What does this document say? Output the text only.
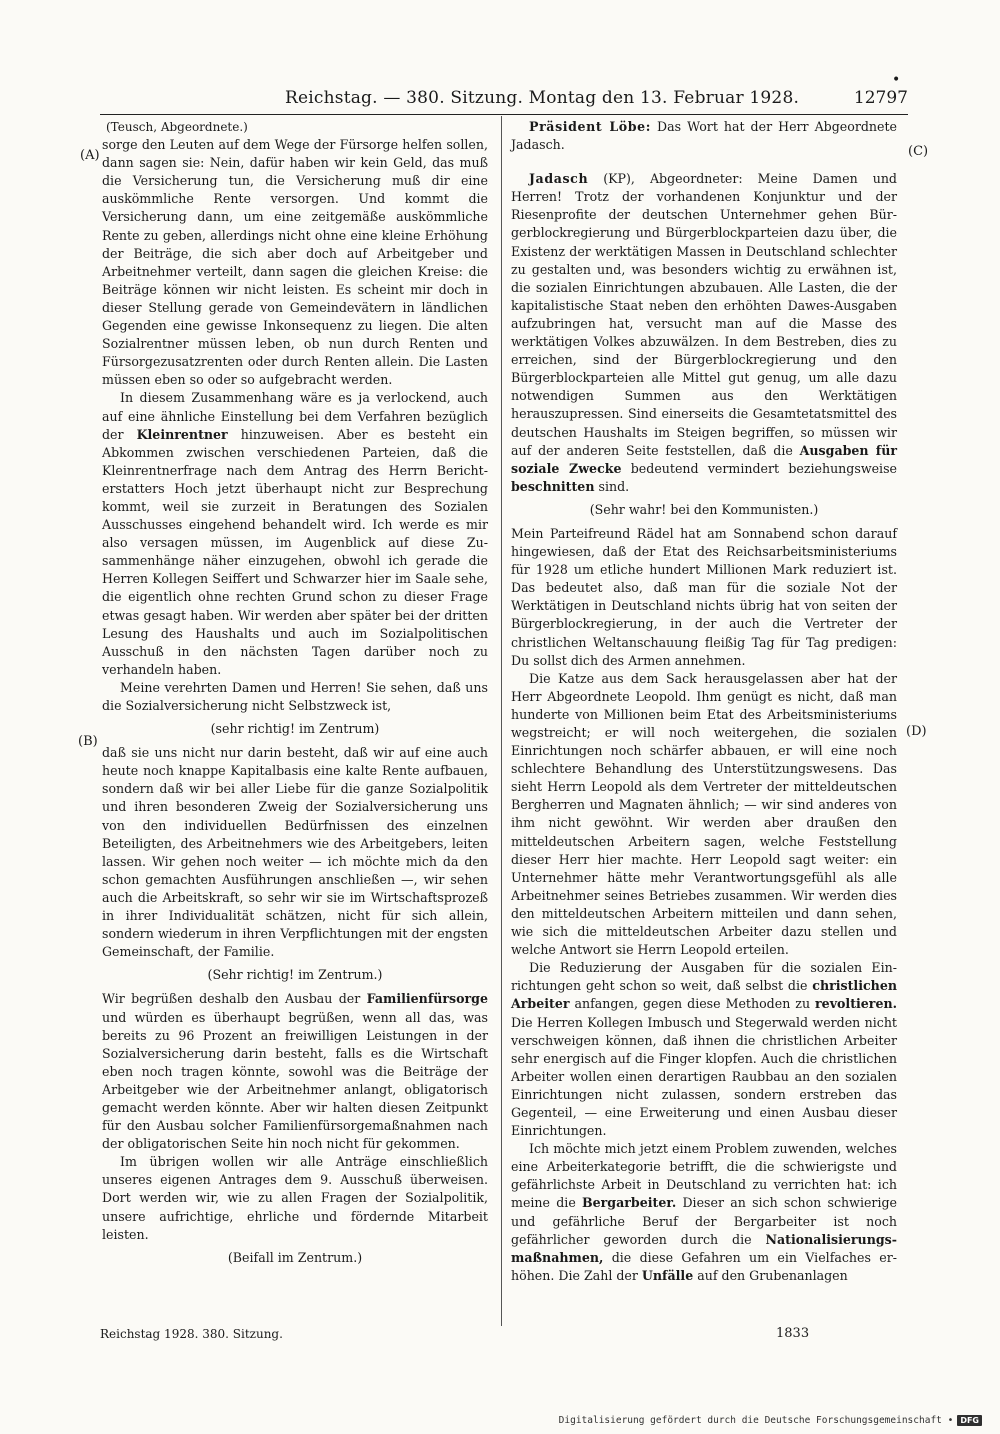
•
Reichstag. — 380. Sitzung. Montag den 13. Februar 1928.	12797
(A)
(B)
(C)
(D)
(Teusch, Abgeordnete.)

sorge den Leuten auf dem Wege der Fürsorge helfen sollen, dann sagen sie: Nein, dafür haben wir kein Geld, das muß die Versicherung tun, die Versicherung muß dir eine auskömmliche Rente versorgen. Und kommt die Versicherung dann, um eine zeitgemäße auskömmliche Rente zu geben, allerdings nicht ohne eine kleine Erhöhung der Beiträge, die sich aber doch auf Arbeitgeber und Arbeitnehmer verteilt, dann sagen die gleichen Kreise: die Beiträge können wir nicht leisten. Es scheint mir doch in dieser Stellung gerade von Gemeindevätern in ländlichen Gegenden eine gewisse Inkonsequenz zu liegen. Die alten Sozialrentner müssen leben, ob nun durch Renten und Fürsorgezusatzrenten oder durch Renten allein. Die Lasten müssen eben so oder so aufgebracht werden.

In diesem Zusammenhang wäre es ja verlockend, auch auf eine ähnliche Einstellung bei dem Verfahren bezüglich der Kleinrentner hinzuweisen. Aber es besteht ein Abkommen zwischen verschiedenen Parteien, daß die Kleinrentnerfrage nach dem Antrag des Herrn Berichterstatters Hoch jetzt überhaupt nicht zur Besprechung kommt, weil sie zurzeit in Beratungen des Sozialen Ausschusses eingehend behandelt wird. Ich werde es mir also versagen müssen, im Augenblick auf diese Zusammenhänge näher einzugehen, obwohl ich gerade die Herren Kollegen Seiffert und Schwarzer hier im Saale sehe, die eigentlich ohne rechten Grund schon zu dieser Frage etwas gesagt haben. Wir werden aber später bei der dritten Lesung des Haushalts und auch im Sozialpolitischen Ausschuß in den nächsten Tagen darüber noch zu verhandeln haben.

Meine verehrten Damen und Herren! Sie sehen, daß uns die Sozialversicherung nicht Selbstzweck ist,

(sehr richtig! im Zentrum)

daß sie uns nicht nur darin besteht, daß wir auf eine auch heute noch knappe Kapitalbasis eine kalte Rente aufbauen, sondern daß wir bei aller Liebe für die ganze Sozialpolitik und ihren besonderen Zweig der Sozialversicherung uns von den individuellen Bedürfnissen des einzelnen Beteiligten, des Arbeitnehmers wie des Arbeitgebers, leiten lassen. Wir gehen noch weiter — ich möchte mich da den schon gemachten Ausführungen anschließen —, wir sehen auch die Arbeitskraft, so sehr wir sie im Wirtschaftsprozeß in ihrer Individualität schätzen, nicht für sich allein, sondern wiederum in ihren Verpflichtungen mit der engsten Gemeinschaft, der Familie.

(Sehr richtig! im Zentrum.)

Wir begrüßen deshalb den Ausbau der Familienfürsorge und würden es überhaupt begrüßen, wenn all das, was bereits zu 96 Prozent an freiwilligen Leistungen in der Sozialversicherung darin besteht, falls es die Wirtschaft eben noch tragen könnte, sowohl was die Beiträge der Arbeitgeber wie der Arbeitnehmer anlangt, obligatorisch gemacht werden könnte. Aber wir halten diesen Zeitpunkt für den Ausbau solcher Familienfürsorgemaßnahmen nach der obligatorischen Seite hin noch nicht für gekommen.

Im übrigen wollen wir alle Anträge einschließlich unseres eigenen Antrages dem 9. Ausschuß überweisen. Dort werden wir, wie zu allen Fragen der Sozialpolitik, unsere aufrichtige, ehrliche und fördernde Mitarbeit leisten.

(Beifall im Zentrum.)

Präsident Löbe: Das Wort hat der Herr Abgeordnete Jadasch.

Jadasch (KP), Abgeordneter: Meine Damen und Herren! Trotz der vorhandenen Konjunktur und der Riesenprofite der deutschen Unternehmer gehen Bürgerblockregierung und Bürgerblockparteien dazu über, die Existenz der werktätigen Massen in Deutschland schlechter zu gestalten und, was besonders wichtig zu erwähnen ist, die sozialen Einrichtungen abzubauen. Alle Lasten, die der kapitalistische Staat neben den erhöhten Dawes-Ausgaben aufzubringen hat, versucht man auf die Masse des werktätigen Volkes abzuwälzen. In dem Bestreben, dies zu erreichen, sind der Bürgerblockregierung und den Bürgerblockparteien alle Mittel gut genug, um alle dazu notwendigen Summen aus den Werktätigen herauszupressen. Sind einerseits die Gesamtetatsmittel des deutschen Haushalts im Steigen begriffen, so müssen wir auf der anderen Seite feststellen, daß die Ausgaben für soziale Zwecke bedeutend vermindert beziehungsweise beschnitten sind.

(Sehr wahr! bei den Kommunisten.)

Mein Parteifreund Rädel hat am Sonnabend schon darauf hingewiesen, daß der Etat des Reichsarbeitsministeriums für 1928 um etliche hundert Millionen Mark reduziert ist. Das bedeutet also, daß man für die soziale Not der Werktätigen in Deutschland nichts übrig hat von seiten der Bürgerblockregierung, in der auch die Vertreter der christlichen Weltanschauung fleißig Tag für Tag predigen: Du sollst dich des Armen annehmen.

Die Katze aus dem Sack herausgelassen aber hat der Herr Abgeordnete Leopold. Ihm genügt es nicht, daß man hunderte von Millionen beim Etat des Arbeitsministeriums wegstreicht; er will noch weitergehen, die sozialen Einrichtungen noch schärfer abbauen, er will eine noch schlechtere Behandlung des Unterstützungswesens. Das sieht Herrn Leopold als dem Vertreter der mitteldeutschen Bergherren und Magnaten ähnlich; — wir sind anderes von ihm nicht gewöhnt. Wir werden aber draußen den mitteldeutschen Arbeitern sagen, welche Feststellung dieser Herr hier machte. Herr Leopold sagt weiter: ein Unternehmer hätte mehr Verantwortungsgefühl als alle Arbeitnehmer seines Betriebes zusammen. Wir werden dies den mitteldeutschen Arbeitern mitteilen und dann sehen, wie sich die mitteldeutschen Arbeiter dazu stellen und welche Antwort sie Herrn Leopold erteilen.

Die Reduzierung der Ausgaben für die sozialen Einrichtungen geht schon so weit, daß selbst die christlichen Arbeiter anfangen, gegen diese Methoden zu revoltieren. Die Herren Kollegen Imbusch und Stegerwald werden nicht verschweigen können, daß ihnen die christlichen Arbeiter sehr energisch auf die Finger klopfen. Auch die christlichen Arbeiter wollen einen derartigen Raubbau an den sozialen Einrichtungen nicht zulassen, sondern erstreben das Gegenteil, — eine Erweiterung und einen Ausbau dieser Einrichtungen.

Ich möchte mich jetzt einem Problem zuwenden, welches eine Arbeiterkategorie betrifft, die die schwierigste und gefährlichste Arbeit in Deutschland zu verrichten hat: ich meine die Bergarbeiter. Dieser an sich schon schwierige und gefährliche Beruf der Bergarbeiter ist noch gefährlicher geworden durch die Nationalisierungsmaßnahmen, die diese Gefahren um ein Vielfaches erhöhen. Die Zahl der Unfälle auf den Grubenanlagen

Reichstag 1928. 380. Sitzung.	1833
Digitalisierung gefördert durch die Deutsche Forschungsgemeinschaft • DFG
